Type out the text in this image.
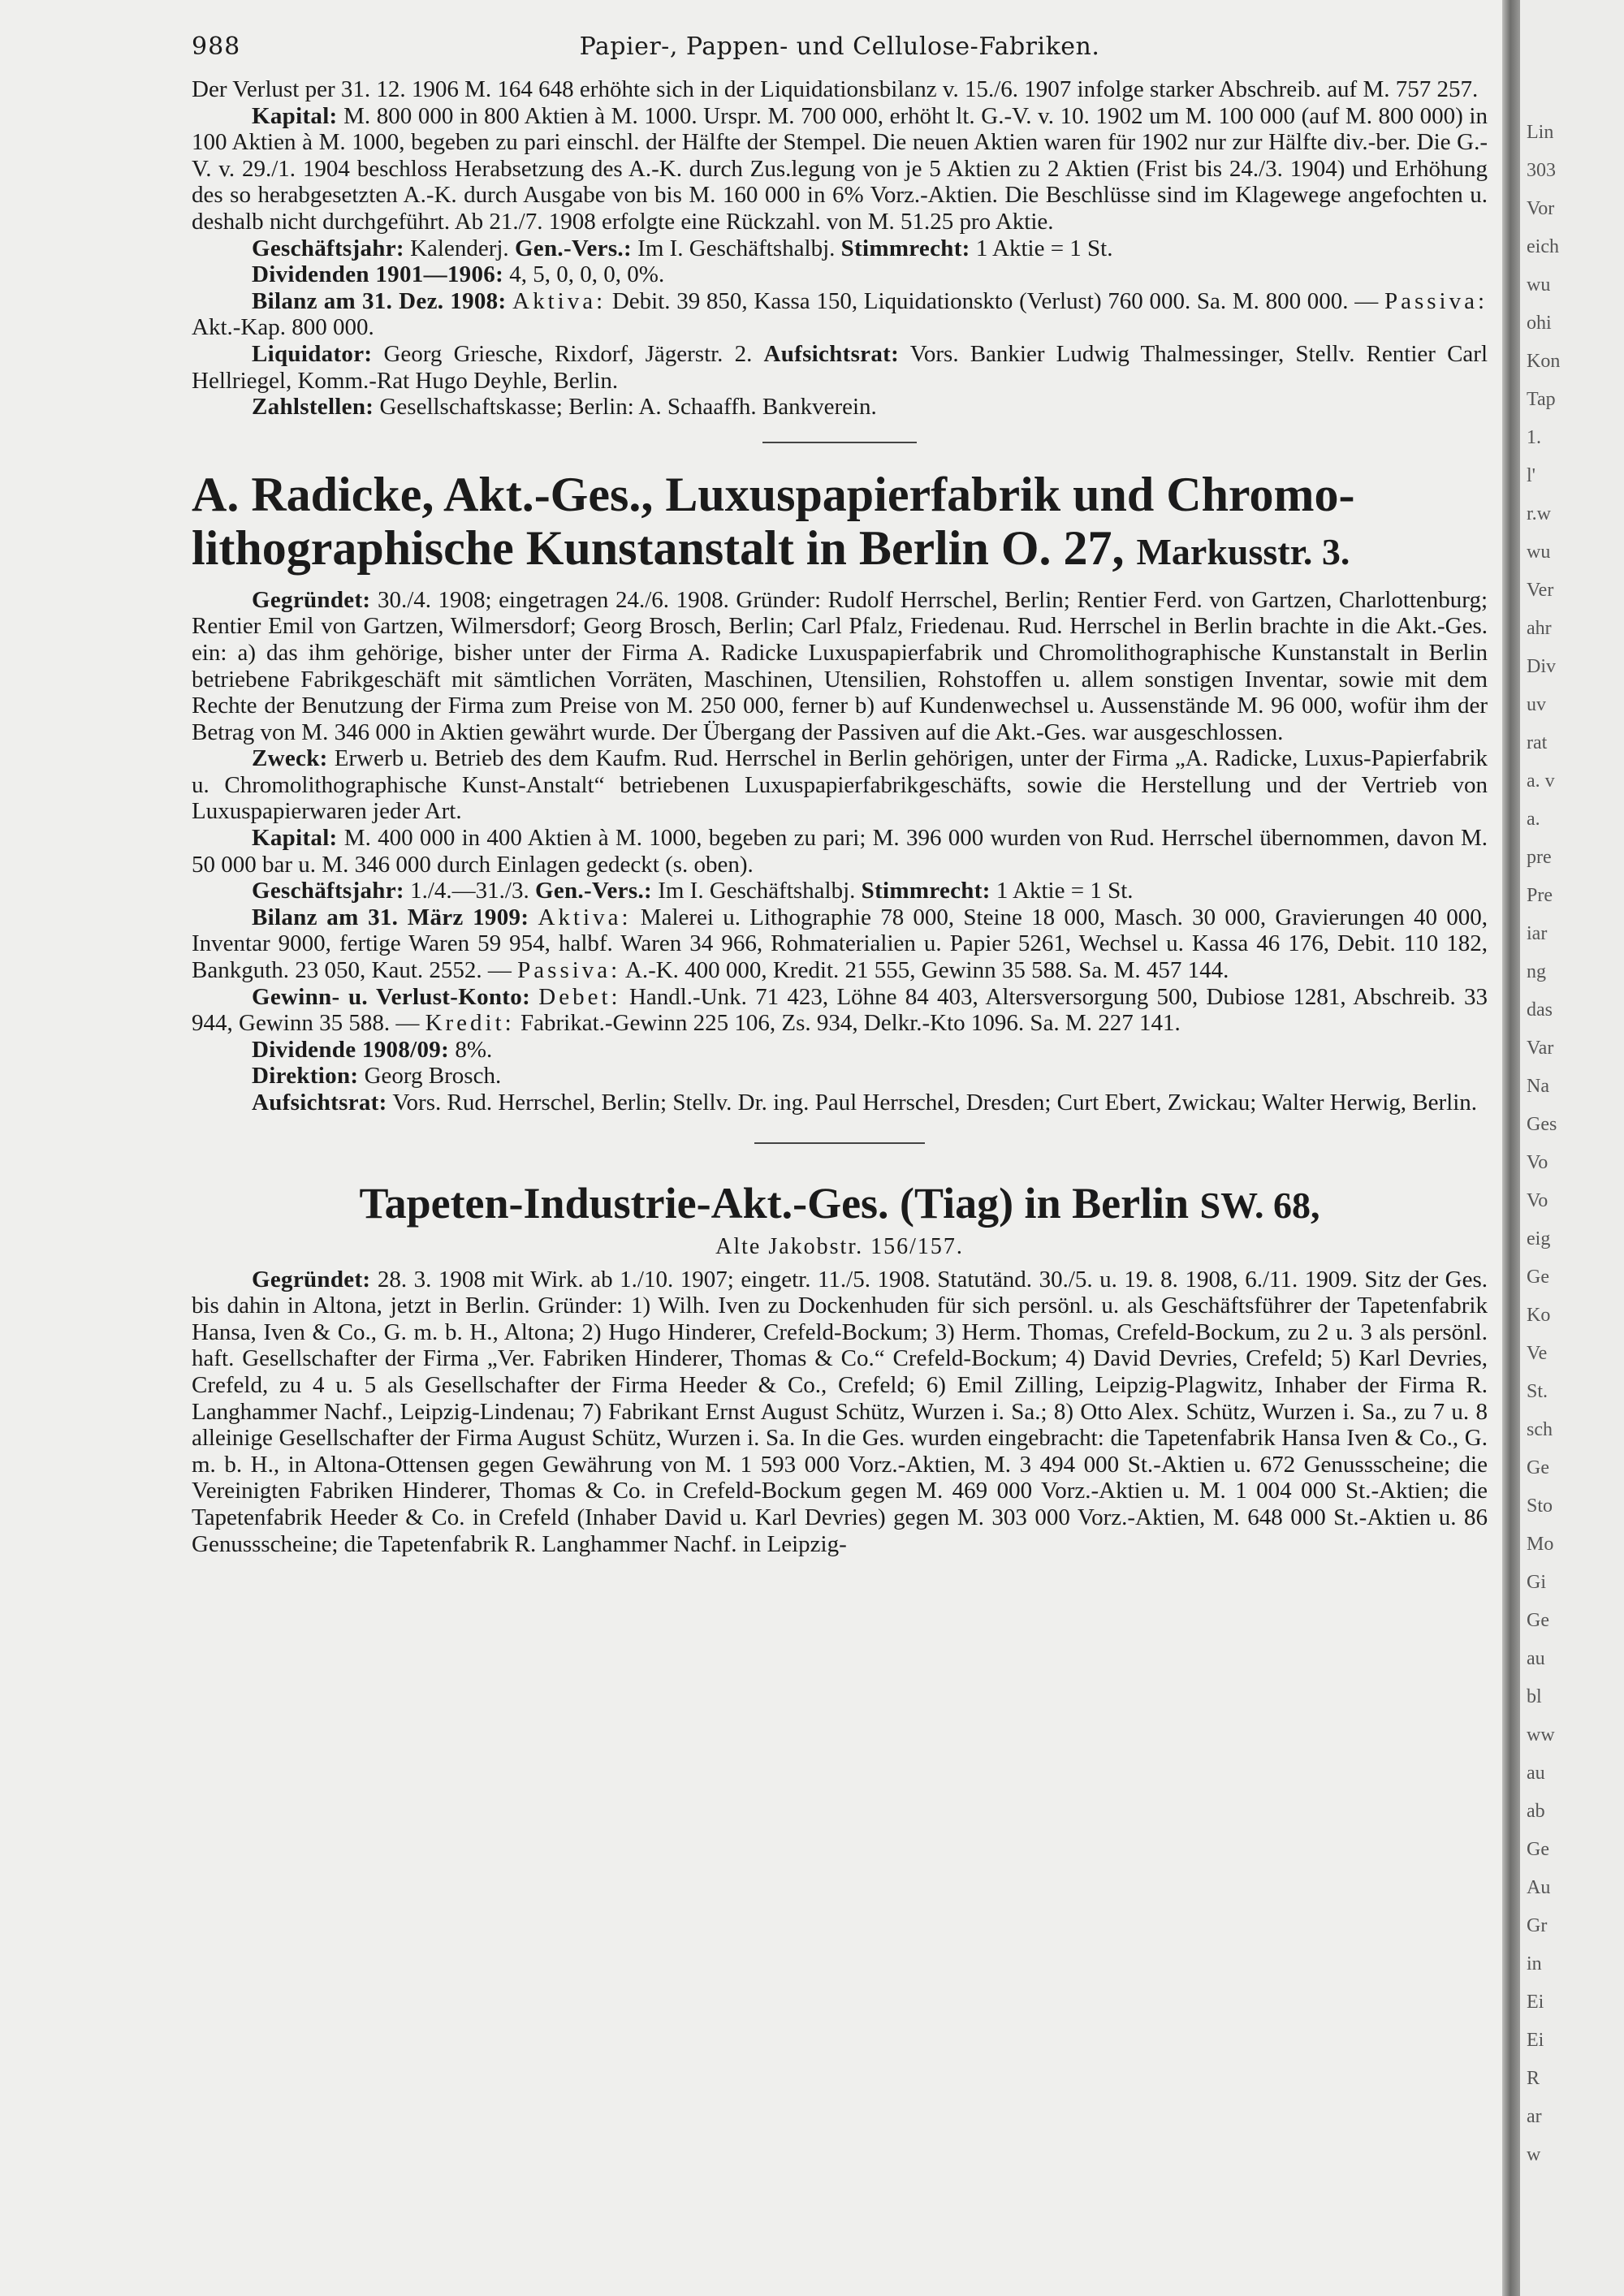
988	Papier-, Pappen- und Cellulose-Fabriken.

Der Verlust per 31. 12. 1906 M. 164 648 erhöhte sich in der Liquidationsbilanz v. 15./6. 1907 infolge starker Abschreib. auf M. 757 257.

Kapital: M. 800 000 in 800 Aktien à M. 1000. Urspr. M. 700 000, erhöht lt. G.-V. v. 10. 1902 um M. 100 000 (auf M. 800 000) in 100 Aktien à M. 1000, begeben zu pari einschl. der Hälfte der Stempel. Die neuen Aktien waren für 1902 nur zur Hälfte div.-ber. Die G.-V. v. 29./1. 1904 beschloss Herabsetzung des A.-K. durch Zus.legung von je 5 Aktien zu 2 Aktien (Frist bis 24./3. 1904) und Erhöhung des so herabgesetzten A.-K. durch Ausgabe von bis M. 160 000 in 6% Vorz.-Aktien. Die Beschlüsse sind im Klagewege angefochten u. deshalb nicht durchgeführt. Ab 21./7. 1908 erfolgte eine Rückzahl. von M. 51.25 pro Aktie.

Geschäftsjahr: Kalenderj. Gen.-Vers.: Im I. Geschäftshalbj. Stimmrecht: 1 Aktie = 1 St.

Dividenden 1901—1906: 4, 5, 0, 0, 0, 0%.

Bilanz am 31. Dez. 1908: Aktiva: Debit. 39 850, Kassa 150, Liquidationskto (Verlust) 760 000. Sa. M. 800 000. — Passiva: Akt.-Kap. 800 000.

Liquidator: Georg Griesche, Rixdorf, Jägerstr. 2. Aufsichtsrat: Vors. Bankier Ludwig Thalmessinger, Stellv. Rentier Carl Hellriegel, Komm.-Rat Hugo Deyhle, Berlin.

Zahlstellen: Gesellschaftskasse; Berlin: A. Schaaffh. Bankverein.

A. Radicke, Akt.-Ges., Luxuspapierfabrik und Chromo-

lithographische Kunstanstalt in Berlin O. 27, Markusstr. 3.

Gegründet: 30./4. 1908; eingetragen 24./6. 1908. Gründer: Rudolf Herrschel, Berlin; Rentier Ferd. von Gartzen, Charlottenburg; Rentier Emil von Gartzen, Wilmersdorf; Georg Brosch, Berlin; Carl Pfalz, Friedenau. Rud. Herrschel in Berlin brachte in die Akt.-Ges. ein: a) das ihm gehörige, bisher unter der Firma A. Radicke Luxuspapierfabrik und Chromolithographische Kunstanstalt in Berlin betriebene Fabrikgeschäft mit sämtlichen Vorräten, Maschinen, Utensilien, Rohstoffen u. allem sonstigen Inventar, sowie mit dem Rechte der Benutzung der Firma zum Preise von M. 250 000, ferner b) auf Kundenwechsel u. Aussenstände M. 96 000, wofür ihm der Betrag von M. 346 000 in Aktien gewährt wurde. Der Übergang der Passiven auf die Akt.-Ges. war ausgeschlossen.

Zweck: Erwerb u. Betrieb des dem Kaufm. Rud. Herrschel in Berlin gehörigen, unter der Firma „A. Radicke, Luxus-Papierfabrik u. Chromolithographische Kunst-Anstalt“ betriebenen Luxuspapierfabrikgeschäfts, sowie die Herstellung und der Vertrieb von Luxuspapierwaren jeder Art.

Kapital: M. 400 000 in 400 Aktien à M. 1000, begeben zu pari; M. 396 000 wurden von Rud. Herrschel übernommen, davon M. 50 000 bar u. M. 346 000 durch Einlagen gedeckt (s. oben).

Geschäftsjahr: 1./4.—31./3. Gen.-Vers.: Im I. Geschäftshalbj. Stimmrecht: 1 Aktie = 1 St.

Bilanz am 31. März 1909: Aktiva: Malerei u. Lithographie 78 000, Steine 18 000, Masch. 30 000, Gravierungen 40 000, Inventar 9000, fertige Waren 59 954, halbf. Waren 34 966, Rohmaterialien u. Papier 5261, Wechsel u. Kassa 46 176, Debit. 110 182, Bankguth. 23 050, Kaut. 2552. — Passiva: A.-K. 400 000, Kredit. 21 555, Gewinn 35 588. Sa. M. 457 144.

Gewinn- u. Verlust-Konto: Debet: Handl.-Unk. 71 423, Löhne 84 403, Altersversorgung 500, Dubiose 1281, Abschreib. 33 944, Gewinn 35 588. — Kredit: Fabrikat.-Gewinn 225 106, Zs. 934, Delkr.-Kto 1096. Sa. M. 227 141.

Dividende 1908/09: 8%.

Direktion: Georg Brosch.

Aufsichtsrat: Vors. Rud. Herrschel, Berlin; Stellv. Dr. ing. Paul Herrschel, Dresden; Curt Ebert, Zwickau; Walter Herwig, Berlin.

Tapeten-Industrie-Akt.-Ges. (Tiag) in Berlin SW. 68,

Alte Jakobstr. 156/157.

Gegründet: 28. 3. 1908 mit Wirk. ab 1./10. 1907; eingetr. 11./5. 1908. Statutänd. 30./5. u. 19. 8. 1908, 6./11. 1909. Sitz der Ges. bis dahin in Altona, jetzt in Berlin. Gründer: 1) Wilh. Iven zu Dockenhuden für sich persönl. u. als Geschäftsführer der Tapetenfabrik Hansa, Iven & Co., G. m. b. H., Altona; 2) Hugo Hinderer, Crefeld-Bockum; 3) Herm. Thomas, Crefeld-Bockum, zu 2 u. 3 als persönl. haft. Gesellschafter der Firma „Ver. Fabriken Hinderer, Thomas & Co.“ Crefeld-Bockum; 4) David Devries, Crefeld; 5) Karl Devries, Crefeld, zu 4 u. 5 als Gesellschafter der Firma Heeder & Co., Crefeld; 6) Emil Zilling, Leipzig-Plagwitz, Inhaber der Firma R. Langhammer Nachf., Leipzig-Lindenau; 7) Fabrikant Ernst August Schütz, Wurzen i. Sa.; 8) Otto Alex. Schütz, Wurzen i. Sa., zu 7 u. 8 alleinige Gesellschafter der Firma August Schütz, Wurzen i. Sa. In die Ges. wurden eingebracht: die Tapetenfabrik Hansa Iven & Co., G. m. b. H., in Altona-Ottensen gegen Gewährung von M. 1 593 000 Vorz.-Aktien, M. 3 494 000 St.-Aktien u. 672 Genussscheine; die Vereinigten Fabriken Hinderer, Thomas & Co. in Crefeld-Bockum gegen M. 469 000 Vorz.-Aktien u. M. 1 004 000 St.-Aktien; die Tapetenfabrik Heeder & Co. in Crefeld (Inhaber David u. Karl Devries) gegen M. 303 000 Vorz.-Aktien, M. 648 000 St.-Aktien u. 86 Genussscheine; die Tapetenfabrik R. Langhammer Nachf. in Leipzig-

Lin
303
Vor
eich
wu
ohi
Kon
Tap
1.
l'
r.w
wu
Ver
ahr
Div
uv
rat
a. v
a.
pre
Pre
iar
ng
das
Var
Na
Ges
Vo
Vo
eig
Ge
Ko
Ve
St.
sch
Ge
Sto
Mo
Gi
Ge
au
bl
ww
au
ab
Ge
Au
Gr
in
Ei
Ei
R
ar
w
